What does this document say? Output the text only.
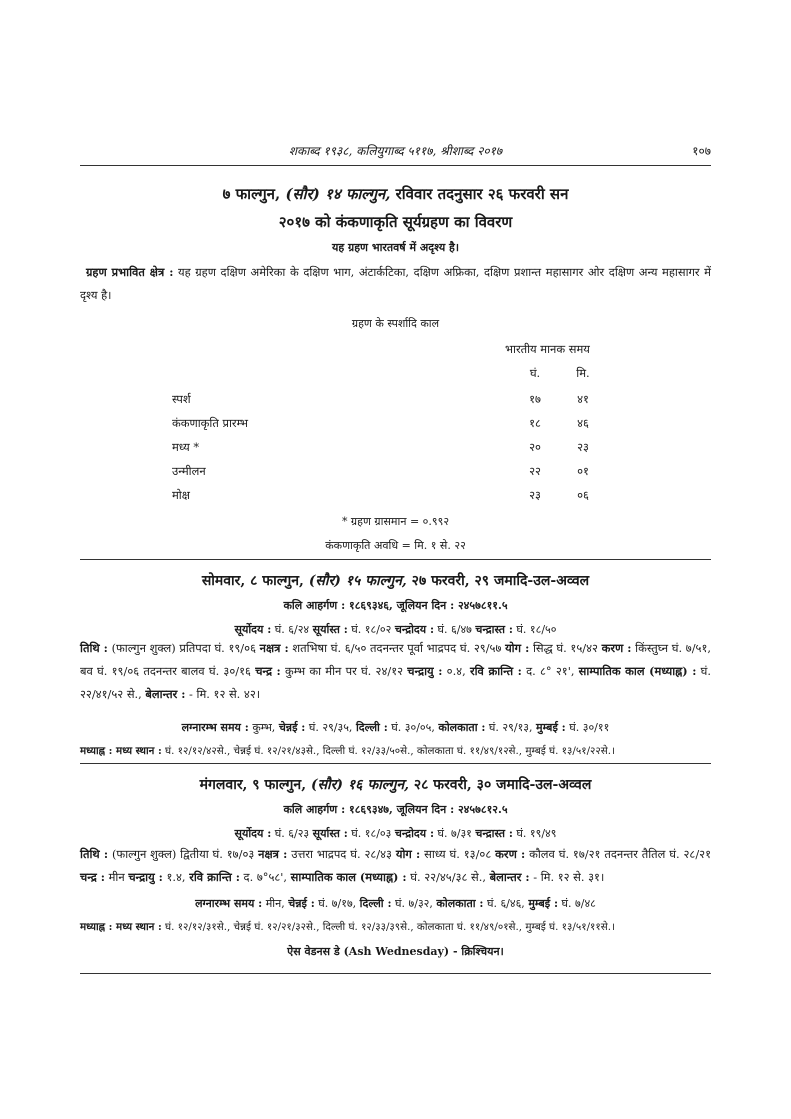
शकाब्द १९३८, कलियुगाब्द ५११७, श्रीशाब्द २०१७	१०७
७ फाल्गुन, (सौर) १४ फाल्गुन, रविवार तदनुसार २६ फरवरी सन
२०१७ को कंकणाकृति सूर्यग्रहण का विवरण
यह ग्रहण भारतवर्ष में अदृश्य है।
ग्रहण प्रभावित क्षेत्र : यह ग्रहण दक्षिण अमेरिका के दक्षिण भाग, अंटार्कटिका, दक्षिण अफ्रिका, दक्षिण प्रशान्त महासागर ओर दक्षिण अन्य महासागर में दृश्य है।
ग्रहण के स्पर्शादि काल
भारतीय मानक समय
घं.	मि.
स्पर्श	१७	४१
कंकणाकृति प्रारम्भ	१८	४६
मध्य *	२०	२३
उन्मीलन	२२	०१
मोक्ष	२३	०६
* ग्रहण ग्रासमान = ०.९९२
कंकणाकृति अवधि = मि. १ से. २२
सोमवार, ८ फाल्गुन, (सौर) १५ फाल्गुन, २७ फरवरी, २९ जमादि-उल-अव्वल
कलि आहर्गण : १८६९३४६, जूलियन दिन : २४५७८११.५
सूर्योदय : घं. ६/२४ सूर्यास्त : घं. १८/०२ चन्द्रोदय : घं. ६/४७ चन्द्रास्त : घं. १८/५०
तिथि : (फाल्गुन शुक्ल) प्रतिपदा घं. १९/०६ नक्षत्र : शतभिषा घं. ६/५० तदनन्तर पूर्वा भाद्रपद घं. २९/५७ योग : सिद्ध घं. १५/४२ करण : किंस्तुघ्न घं. ७/५१, बव घं. १९/०६ तदनन्तर बालव घं. ३०/१६ चन्द्र : कुम्भ का मीन पर घं. २४/१२ चन्द्रायु : ०.४, रवि क्रान्ति : द. ८° २१', साम्पातिक काल (मध्याह्न) : घं. २२/४१/५२ से., बेलान्तर : - मि. १२ से. ४२।
लग्नारम्भ समय : कुम्भ, चेन्नई : घं. २९/३५, दिल्ली : घं. ३०/०५, कोलकाता : घं. २९/१३, मुम्बई : घं. ३०/११
मध्याह्न : मध्य स्थान : घं. १२/१२/४२से., चेन्नई घं. १२/२१/४३से., दिल्ली घं. १२/३३/५०से., कोलकाता घं. ११/४९/१२से., मुम्बई घं. १३/५१/२२से.।
मंगलवार, ९ फाल्गुन, (सौर) १६ फाल्गुन, २८ फरवरी, ३० जमादि-उल-अव्वल
कलि आहर्गण : १८६९३४७, जूलियन दिन : २४५७८१२.५
सूर्योदय : घं. ६/२३ सूर्यास्त : घं. १८/०३ चन्द्रोदय : घं. ७/३१ चन्द्रास्त : घं. १९/४९
तिथि : (फाल्गुन शुक्ल) द्वितीया घं. १७/०३ नक्षत्र : उत्तरा भाद्रपद घं. २८/४३ योग : साध्य घं. १३/०८ करण : कौलव घं. १७/२१ तदनन्तर तैतिल घं. २८/२१ चन्द्र : मीन चन्द्रायु : १.४, रवि क्रान्ति : द. ७°५८', साम्पातिक काल (मध्याह्न) : घं. २२/४५/३८ से., बेलान्तर : - मि. १२ से. ३१।
लग्नारम्भ समय : मीन, चेन्नई : घं. ७/१७, दिल्ली : घं. ७/३२, कोलकाता : घं. ६/४६, मुम्बई : घं. ७/४८
मध्याह्न : मध्य स्थान : घं. १२/१२/३१से., चेन्नई घं. १२/२१/३२से., दिल्ली घं. १२/३३/३९से., कोलकाता घं. ११/४९/०१से., मुम्बई घं. १३/५१/११से.।
ऐस वेडनस डे (Ash Wednesday) - क्रिश्चियन।
